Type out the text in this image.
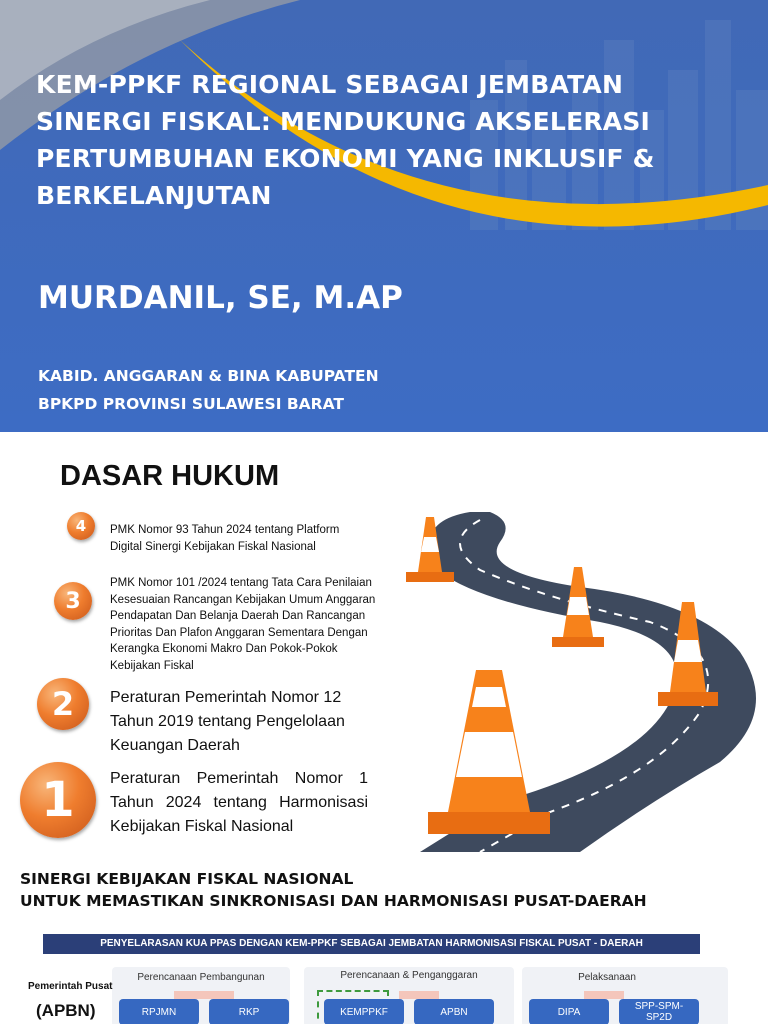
KEM-PPKF REGIONAL SEBAGAI JEMBATAN
SINERGI FISKAL: MENDUKUNG AKSELERASI
PERTUMBUHAN EKONOMI YANG INKLUSIF &
BERKELANJUTAN
MURDANIL, SE, M.AP
KABID. ANGGARAN & BINA KABUPATEN
BPKPD PROVINSI SULAWESI BARAT
DASAR HUKUM
4	PMK Nomor 93 Tahun 2024 tentang Platform
Digital Sinergi Kebijakan Fiskal Nasional
3
PMK Nomor 101 /2024 tentang Tata Cara Penilaian
Kesesuaian Rancangan Kebijakan Umum Anggaran
Pendapatan Dan Belanja Daerah Dan Rancangan
Prioritas Dan Plafon Anggaran Sementara Dengan
Kerangka Ekonomi Makro Dan Pokok-Pokok
Kebijakan Fiskal
2	Peraturan Pemerintah Nomor 12
Tahun 2019 tentang Pengelolaan
Keuangan Daerah
1	Peraturan Pemerintah Nomor 1
Tahun 2024 tentang Harmonisasi
Kebijakan Fiskal Nasional
SINERGI KEBIJAKAN FISKAL NASIONAL
UNTUK MEMASTIKAN SINKRONISASI DAN HARMONISASI PUSAT-DAERAH
PENYELARASAN KUA PPAS DENGAN KEM-PPKF SEBAGAI JEMBATAN HARMONISASI FISKAL PUSAT - DAERAH
Pemerintah Pusat
(APBN)
Perencanaan Pembangunan	Perencanaan & Penganggaran	Pelaksanaan
RPJMN	RKP	KEMPPKF	APBN	DIPA	SPP-SPM-SP2D
